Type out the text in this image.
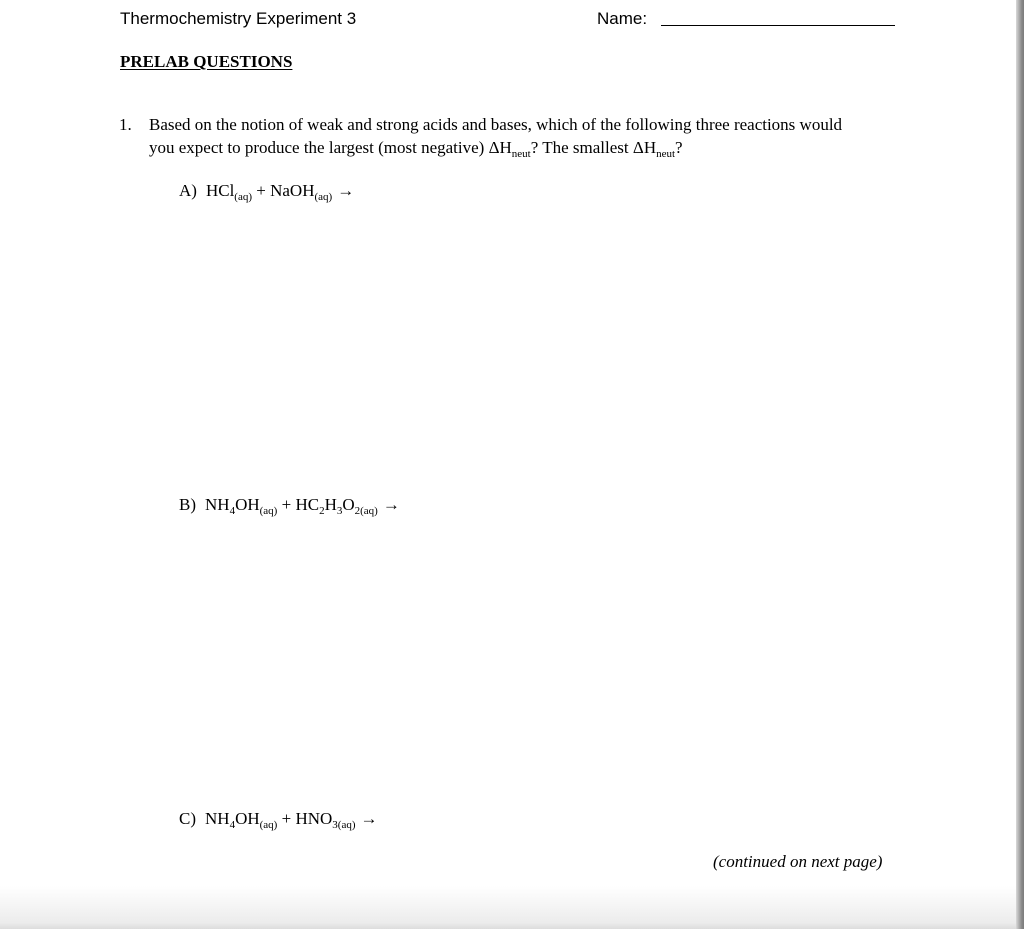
Thermochemistry Experiment 3	Name:
PRELAB QUESTIONS
1. Based on the notion of weak and strong acids and bases, which of the following three reactions would
you expect to produce the largest (most negative) $\Delta H_{neut}$? The smallest $\Delta H_{neut}$?
A) HCl$_{(aq)}$ + NaOH$_{(aq)}$ →
B) $NH_4OH_{(aq)} + HC_2H_3O_{2(aq)}$ →
C) $NH_4OH_{(aq)} + HNO_{3(aq)}$ →
(continued on next page)
